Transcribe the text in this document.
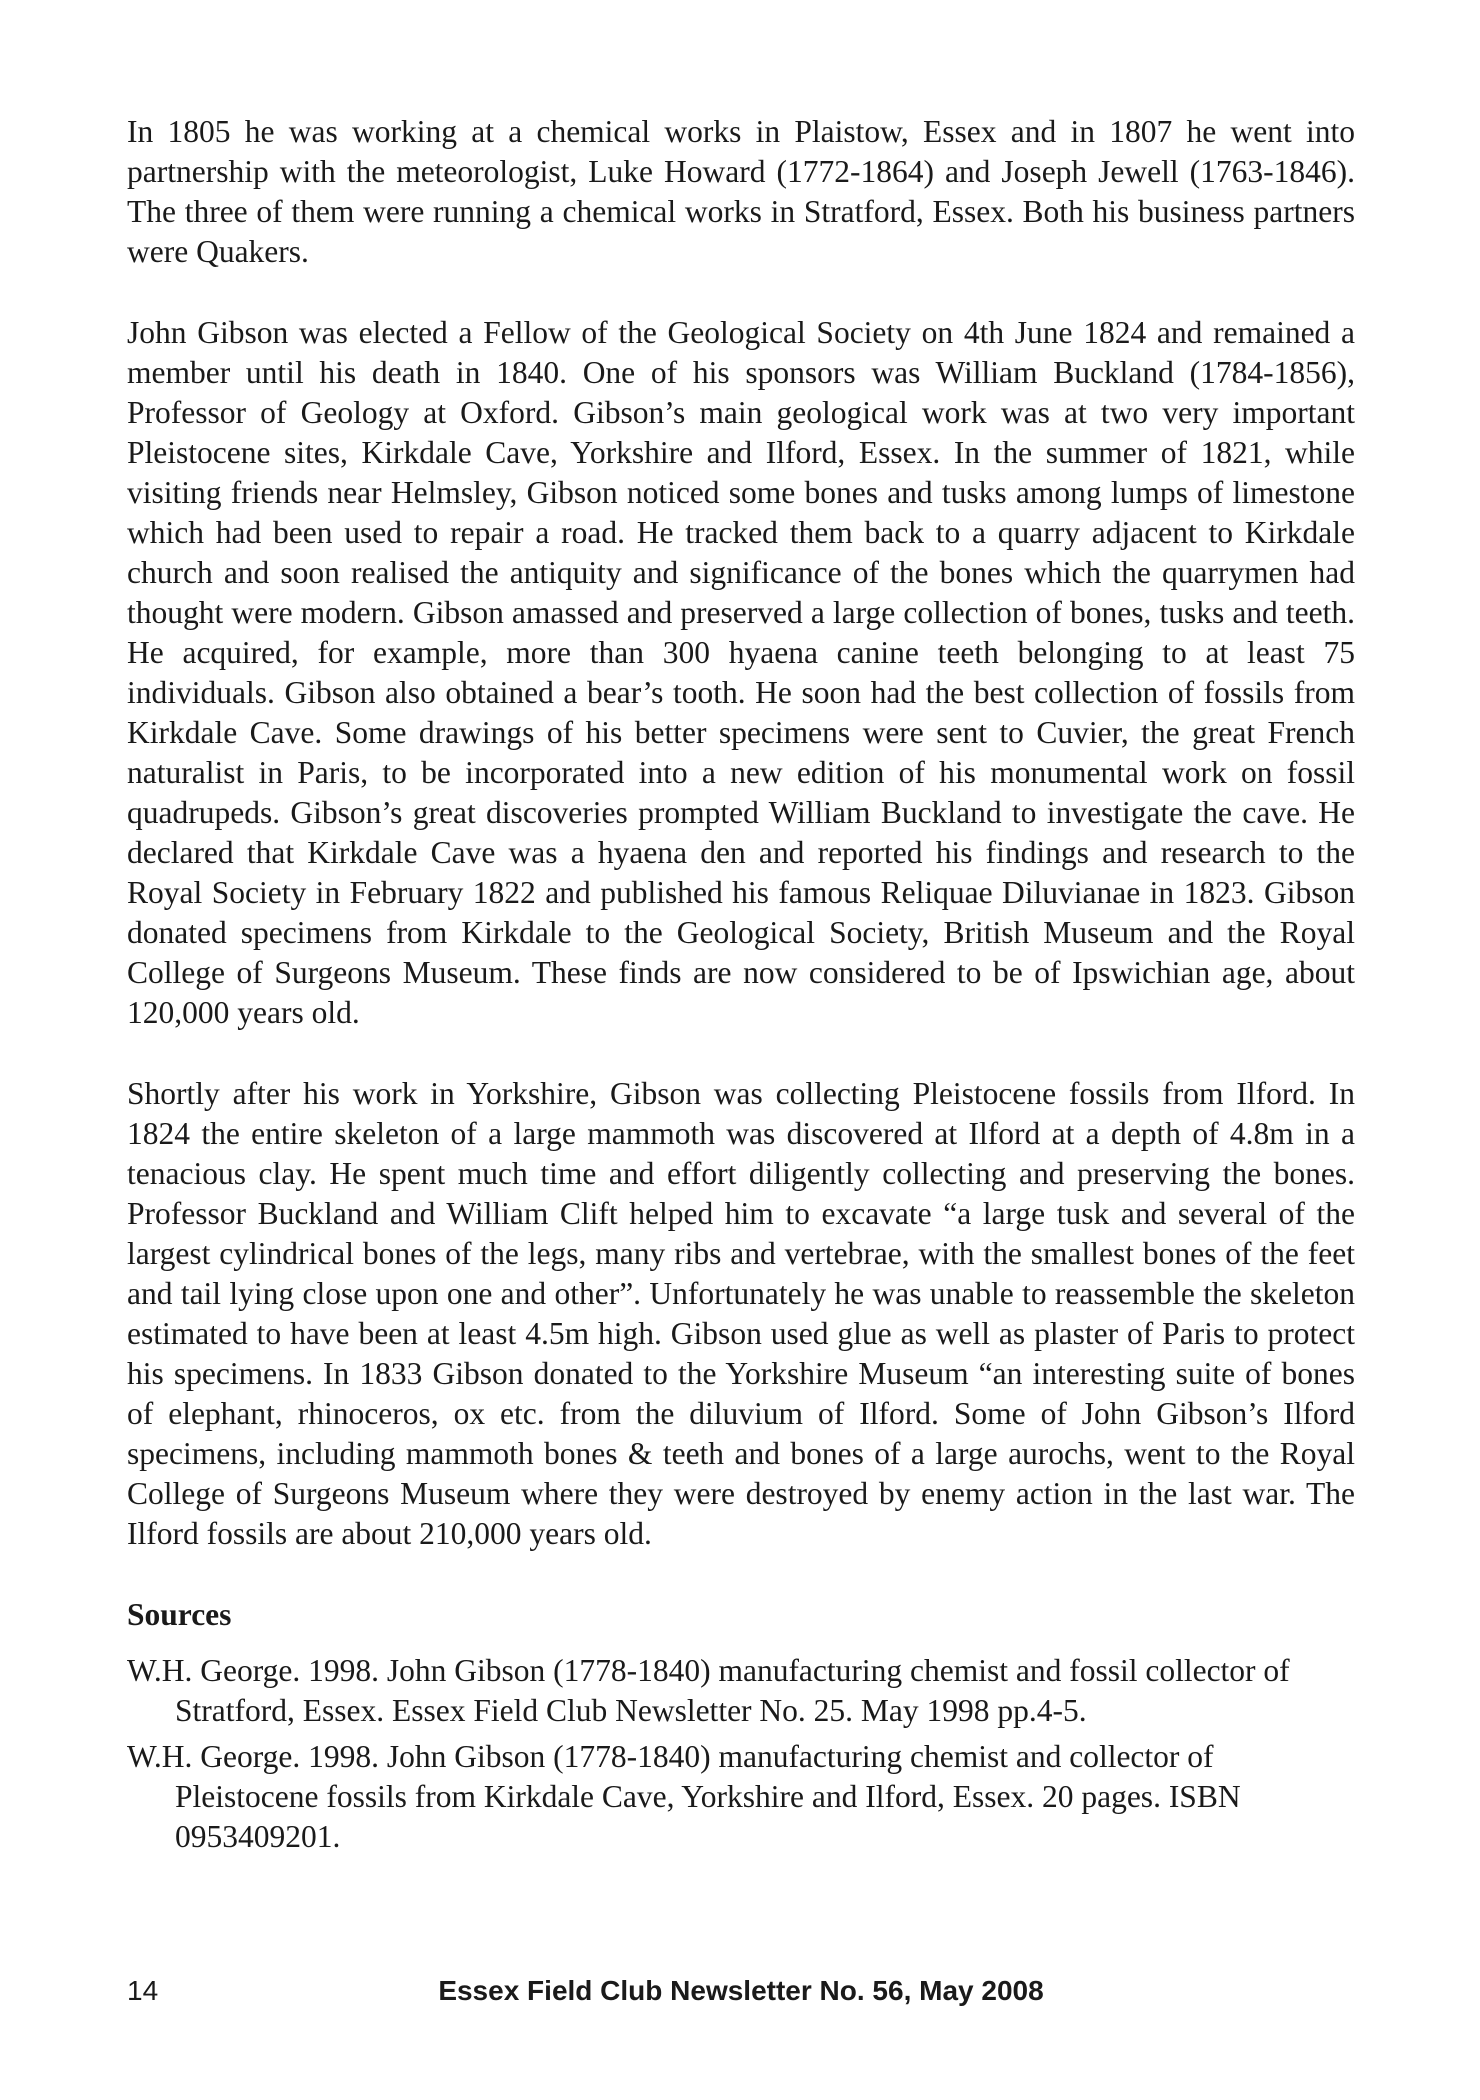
In 1805 he was working at a chemical works in Plaistow, Essex and in 1807 he went into partnership with the meteorologist, Luke Howard (1772-1864) and Joseph Jewell (1763-1846). The three of them were running a chemical works in Stratford, Essex. Both his business partners were Quakers.

John Gibson was elected a Fellow of the Geological Society on 4th June 1824 and remained a member until his death in 1840. One of his sponsors was William Buckland (1784-1856), Professor of Geology at Oxford. Gibson’s main geological work was at two very important Pleistocene sites, Kirkdale Cave, Yorkshire and Ilford, Essex. In the summer of 1821, while visiting friends near Helmsley, Gibson noticed some bones and tusks among lumps of limestone which had been used to repair a road. He tracked them back to a quarry adjacent to Kirkdale church and soon realised the antiquity and significance of the bones which the quarrymen had thought were modern. Gibson amassed and preserved a large collection of bones, tusks and teeth. He acquired, for example, more than 300 hyaena canine teeth belonging to at least 75 individuals. Gibson also obtained a bear’s tooth. He soon had the best collection of fossils from Kirkdale Cave. Some drawings of his better specimens were sent to Cuvier, the great French naturalist in Paris, to be incorporated into a new edition of his monumental work on fossil quadrupeds. Gibson’s great discoveries prompted William Buckland to investigate the cave. He declared that Kirkdale Cave was a hyaena den and reported his findings and research to the Royal Society in February 1822 and published his famous Reliquae Diluvianae in 1823. Gibson donated specimens from Kirkdale to the Geological Society, British Museum and the Royal College of Surgeons Museum. These finds are now considered to be of Ipswichian age, about 120,000 years old.

Shortly after his work in Yorkshire, Gibson was collecting Pleistocene fossils from Ilford. In 1824 the entire skeleton of a large mammoth was discovered at Ilford at a depth of 4.8m in a tenacious clay. He spent much time and effort diligently collecting and preserving the bones. Professor Buckland and William Clift helped him to excavate “a large tusk and several of the largest cylindrical bones of the legs, many ribs and vertebrae, with the smallest bones of the feet and tail lying close upon one and other”. Unfortunately he was unable to reassemble the skeleton estimated to have been at least 4.5m high. Gibson used glue as well as plaster of Paris to protect his specimens. In 1833 Gibson donated to the Yorkshire Museum “an interesting suite of bones of elephant, rhinoceros, ox etc. from the diluvium of Ilford. Some of John Gibson’s Ilford specimens, including mammoth bones & teeth and bones of a large aurochs, went to the Royal College of Surgeons Museum where they were destroyed by enemy action in the last war. The Ilford fossils are about 210,000 years old.

Sources
W.H. George. 1998. John Gibson (1778-1840) manufacturing chemist and fossil collector of Stratford, Essex. Essex Field Club Newsletter No. 25. May 1998 pp.4-5.
W.H. George. 1998. John Gibson (1778-1840) manufacturing chemist and collector of Pleistocene fossils from Kirkdale Cave, Yorkshire and Ilford, Essex. 20 pages. ISBN 0953409201.
14	Essex Field Club Newsletter No. 56, May 2008
